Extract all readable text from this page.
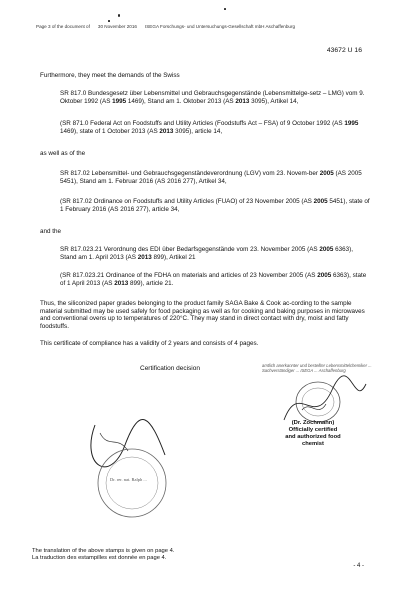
Page 3 of the document of 30 November 2016 ISEGA Forschungs- und Untersuchungs-Gesellschaft mbH Aschaffenburg
43672 U 16
Furthermore, they meet the demands of the Swiss
SR 817.0 Bundesgesetz über Lebensmittel und Gebrauchsgegenstände (Lebensmittelge-setz – LMG) vom 9. Oktober 1992 (AS 1995 1469), Stand am 1. Oktober 2013 (AS 2013 3095), Artikel 14,
(SR 871.0 Federal Act on Foodstuffs and Utility Articles (Foodstuffs Act – FSA) of 9 October 1992 (AS 1995 1469), state of 1 October 2013 (AS 2013 3095), article 14,
as well as of the
SR 817.02 Lebensmittel- und Gebrauchsgegenständeverordnung (LGV) vom 23. Novem-ber 2005 (AS 2005 5451), Stand am 1. Februar 2016 (AS 2016 277), Artikel 34,
(SR 817.02 Ordinance on Foodstuffs and Utility Articles (FUAO) of 23 November 2005 (AS 2005 5451), state of 1 February 2016 (AS 2016 277), article 34,
and the
SR 817.023.21 Verordnung des EDI über Bedarfsgegenstände vom 23. November 2005 (AS 2005 6363), Stand am 1. April 2013 (AS 2013 899), Artikel 21
(SR 817.023.21 Ordinance of the FDHA on materials and articles of 23 November 2005 (AS 2005 6363), state of 1 April 2013 (AS 2013 899), article 21.
Thus, the siliconized paper grades belonging to the product family SAGA Bake & Cook ac-cording to the sample material submitted may be used safely for food packaging as well as for cooking and baking purposes in microwaves and conventional ovens up to temperatures of 220°C. They may stand in direct contact with dry, moist and fatty foodstuffs.
This certificate of compliance has a validity of 2 years and consists of 4 pages.
Certification decision	amtlich anerkannter und bestellter Lebensmittelchemiker ... Sachverständiger ... ISEGA ... Aschaffenburg
(Dr. Zochmann)
Officially certified
and authorized food
chemist
Dr. rer. nat. Ralph ...
The translation of the above stamps is given on page 4.
La traduction des estampilles est donnée en page 4.
- 4 -
